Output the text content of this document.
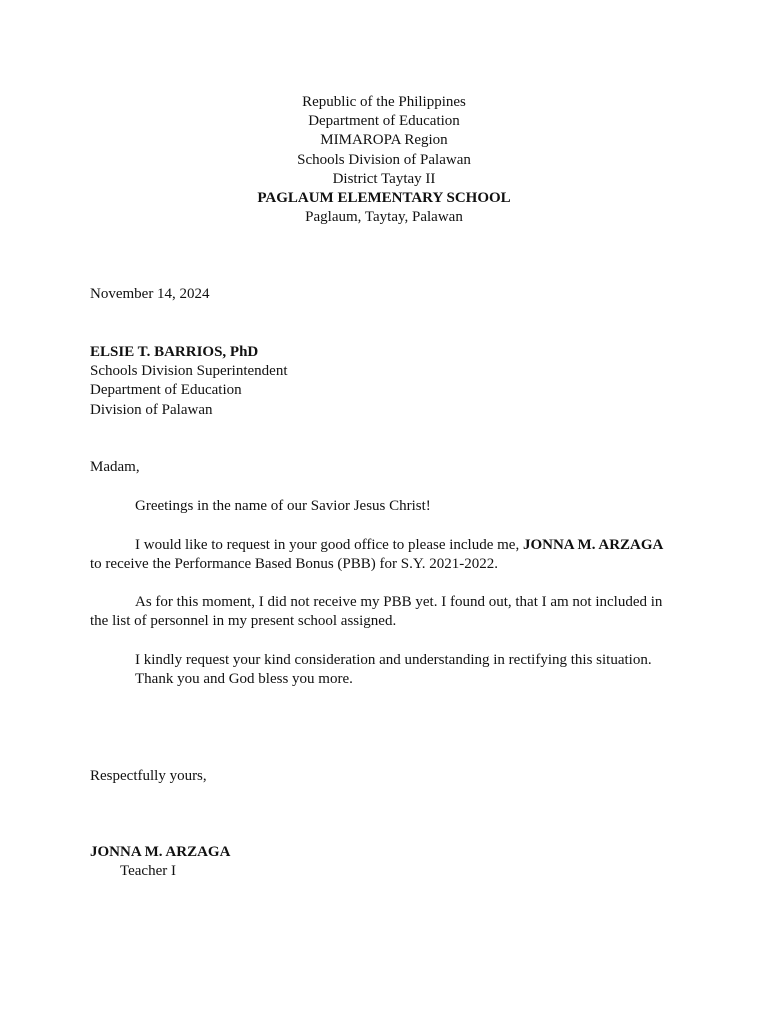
Republic of the Philippines
Department of Education
MIMAROPA Region
Schools Division of Palawan
District Taytay II
PAGLAUM ELEMENTARY SCHOOL
Paglaum, Taytay, Palawan
November 14, 2024
ELSIE T. BARRIOS, PhD
Schools Division Superintendent
Department of Education
Division of Palawan
Madam,

Greetings in the name of our Savior Jesus Christ!

I would like to request in your good office to please include me, JONNA M. ARZAGA

to receive the Performance Based Bonus (PBB) for S.Y. 2021-2022.

As for this moment, I did not receive my PBB yet. I found out, that I am not included in

the list of personnel in my present school assigned.

I kindly request your kind consideration and understanding in rectifying this situation.

Thank you and God bless you more.

Respectfully yours,
JONNA M. ARZAGA
Teacher I
